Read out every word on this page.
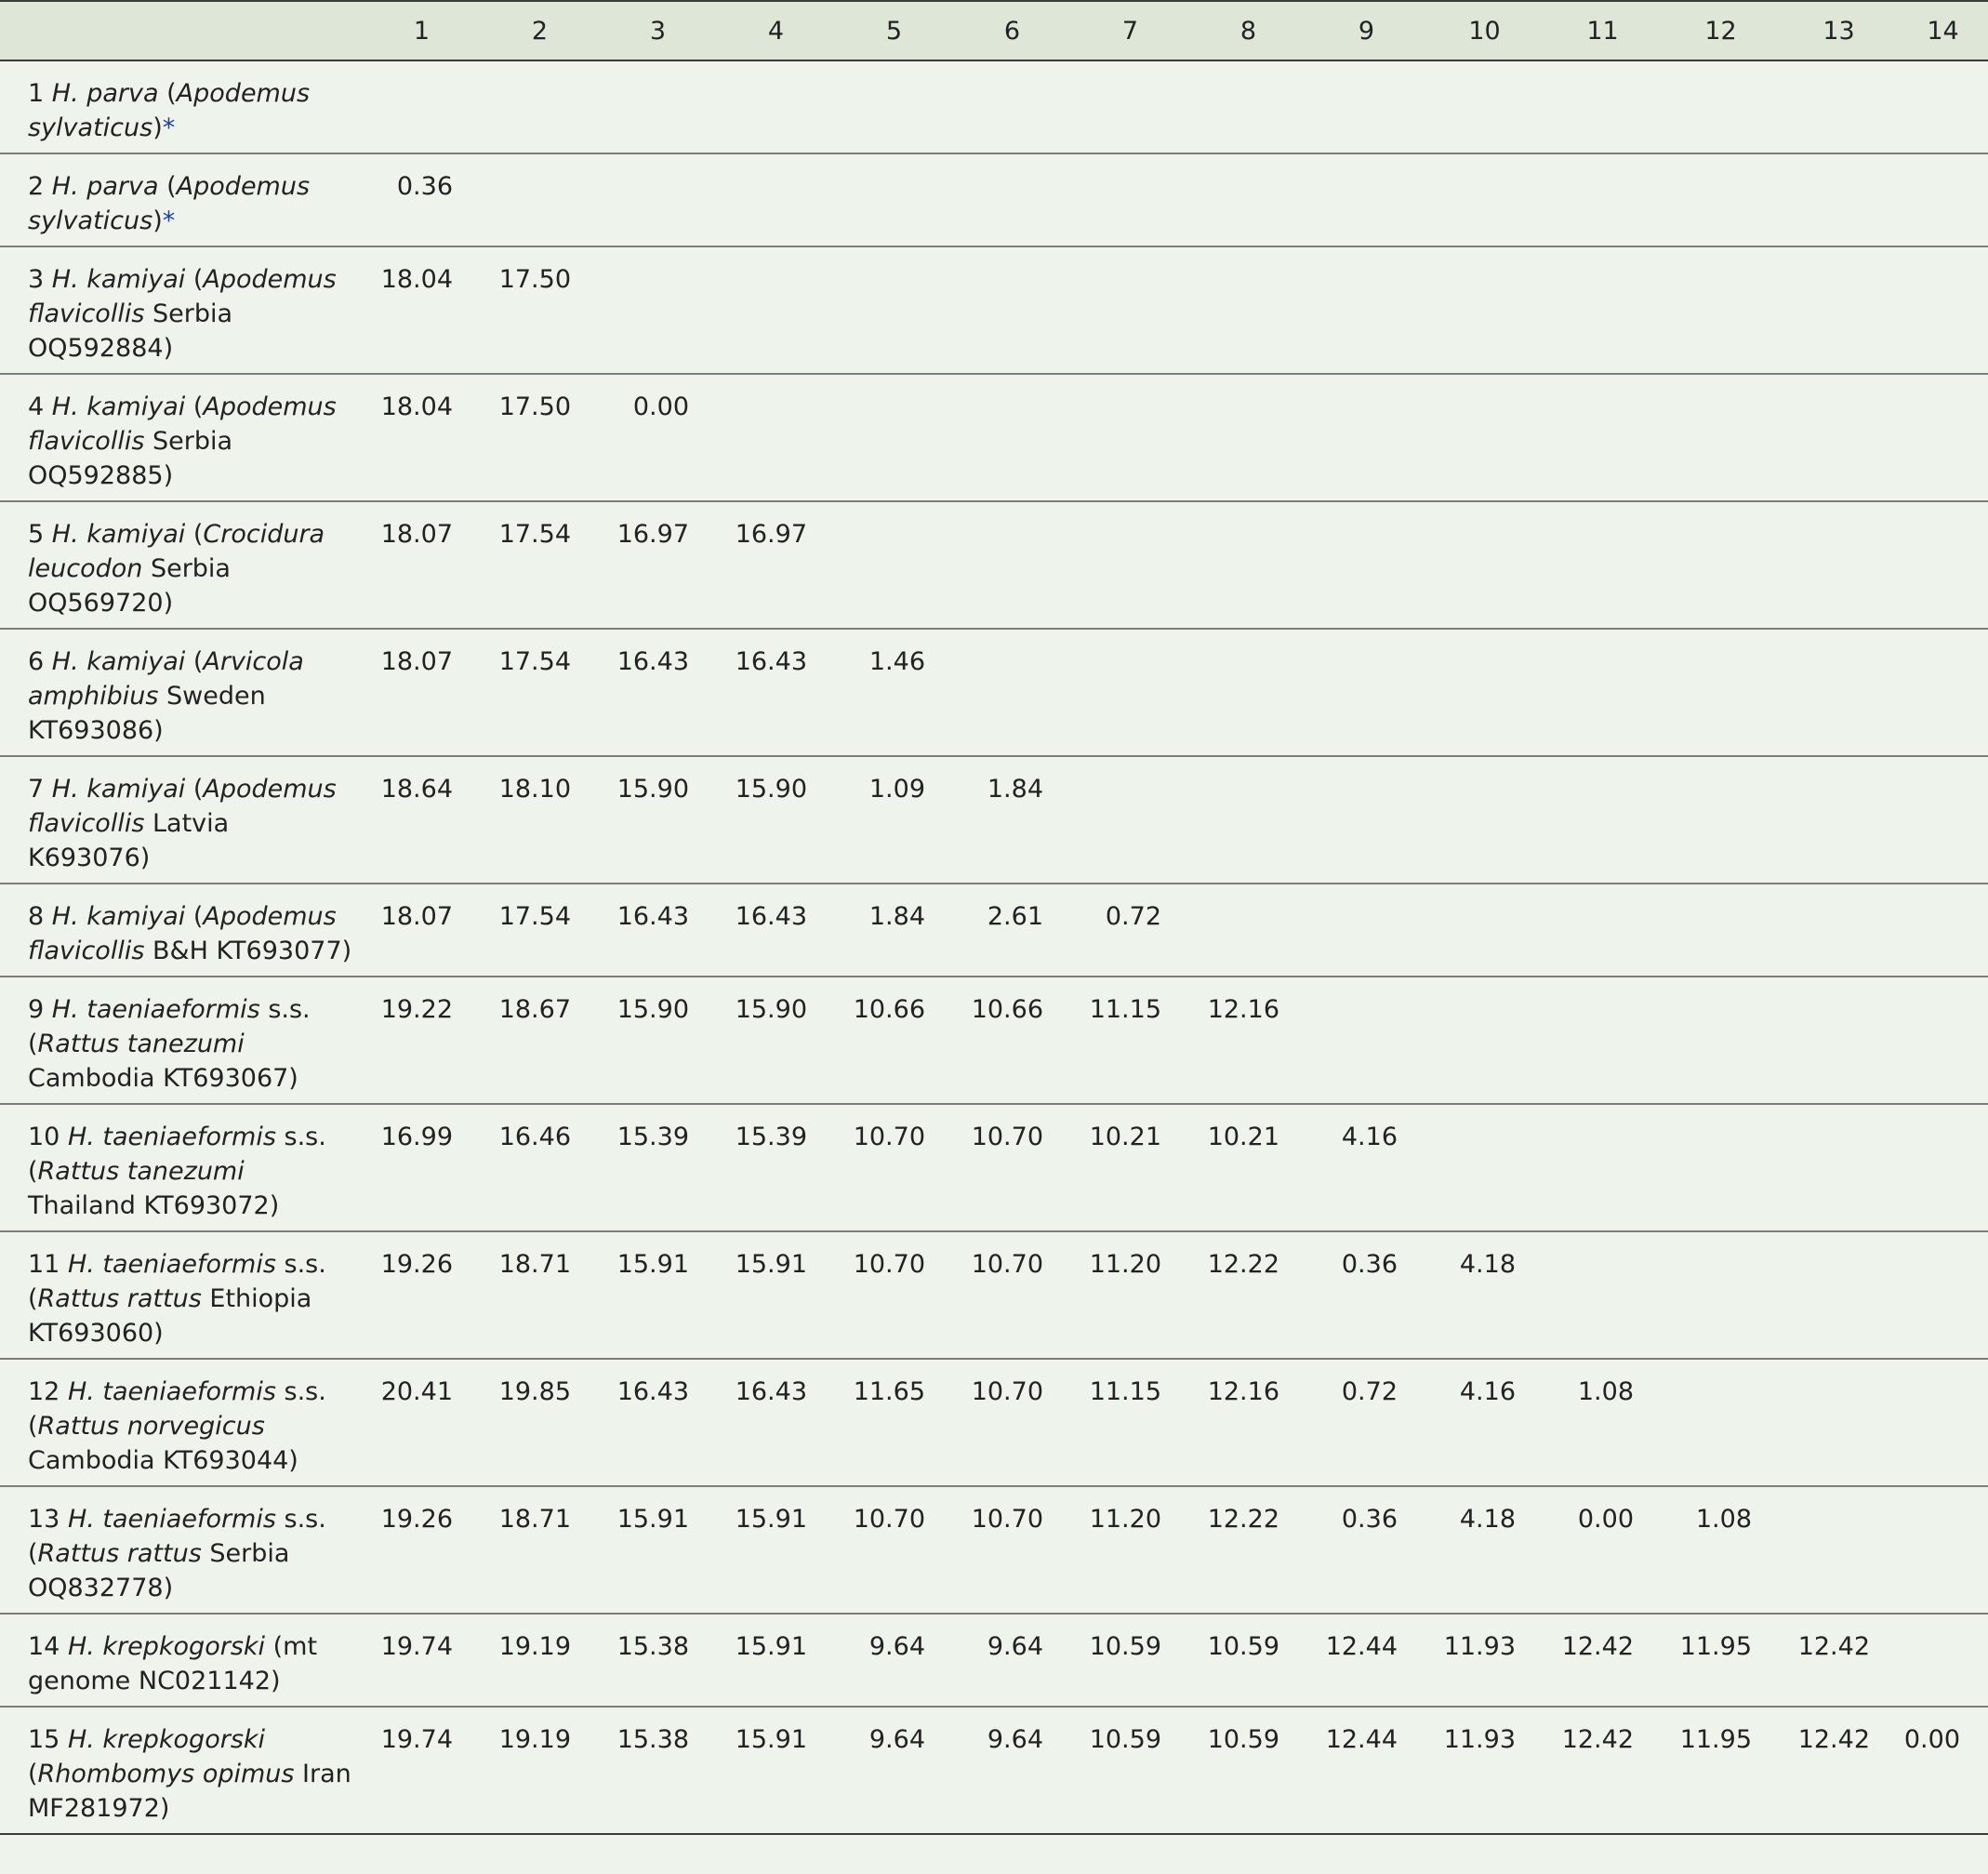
	1	2	3	4	5	6	7	8	9	10	11	12	13	14
1 H. parva (Apodemus sylvaticus)*														
2 H. parva (Apodemus sylvaticus)*	0.36													
3 H. kamiyai (Apodemus flavicollis Serbia OQ592884)	18.04	17.50												
4 H. kamiyai (Apodemus flavicollis Serbia OQ592885)	18.04	17.50	0.00											
5 H. kamiyai (Crocidura leucodon Serbia OQ569720)	18.07	17.54	16.97	16.97										
6 H. kamiyai (Arvicola amphibius Sweden KT693086)	18.07	17.54	16.43	16.43	1.46									
7 H. kamiyai (Apodemus flavicollis Latvia K693076)	18.64	18.10	15.90	15.90	1.09	1.84								
8 H. kamiyai (Apodemus flavicollis B&H KT693077)	18.07	17.54	16.43	16.43	1.84	2.61	0.72							
9 H. taeniaeformis s.s. (Rattus tanezumi Cambodia KT693067)	19.22	18.67	15.90	15.90	10.66	10.66	11.15	12.16						
10 H. taeniaeformis s.s. (Rattus tanezumi Thailand KT693072)	16.99	16.46	15.39	15.39	10.70	10.70	10.21	10.21	4.16					
11 H. taeniaeformis s.s. (Rattus rattus Ethiopia KT693060)	19.26	18.71	15.91	15.91	10.70	10.70	11.20	12.22	0.36	4.18				
12 H. taeniaeformis s.s. (Rattus norvegicus Cambodia KT693044)	20.41	19.85	16.43	16.43	11.65	10.70	11.15	12.16	0.72	4.16	1.08			
13 H. taeniaeformis s.s. (Rattus rattus Serbia OQ832778)	19.26	18.71	15.91	15.91	10.70	10.70	11.20	12.22	0.36	4.18	0.00	1.08		
14 H. krepkogorski (mt genome NC021142)	19.74	19.19	15.38	15.91	9.64	9.64	10.59	10.59	12.44	11.93	12.42	11.95	12.42	
15 H. krepkogorski (Rhombomys opimus Iran MF281972)	19.74	19.19	15.38	15.91	9.64	9.64	10.59	10.59	12.44	11.93	12.42	11.95	12.42	0.00
